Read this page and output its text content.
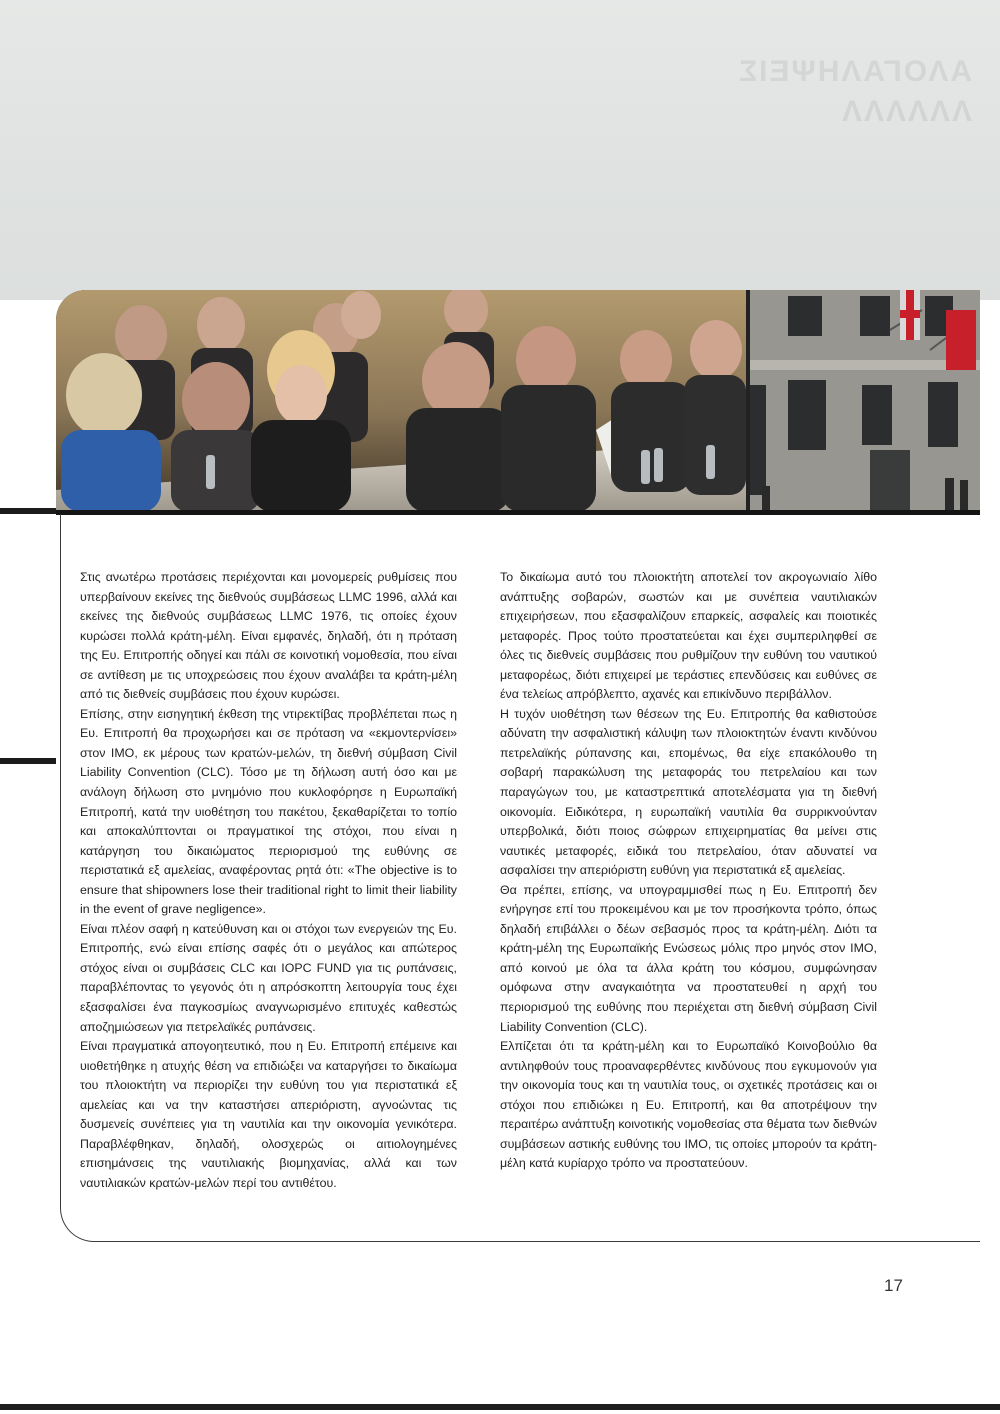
ΑΛΟΓΑΛΗΨΕΙΣ
ΛΛΛΛΛΛ

Στις ανωτέρω προτάσεις περιέχονται και μονομερείς ρυθμίσεις που υπερβαίνουν εκείνες της διεθνούς συμβάσεως LLMC 1996, αλλά και εκείνες της διεθνούς συμβάσεως LLMC 1976, τις οποίες έχουν κυρώσει πολλά κράτη-μέλη. Είναι εμφανές, δηλαδή, ότι η πρόταση της Ευ. Επιτροπής οδηγεί και πάλι σε κοινοτική νομοθεσία, που είναι σε αντίθεση με τις υποχρεώσεις που έχουν αναλάβει τα κράτη-μέλη από τις διεθνείς συμβάσεις που έχουν κυρώσει.

Επίσης, στην εισηγητική έκθεση της ντιρεκτίβας προβλέπεται πως η Ευ. Επιτροπή θα προχωρήσει και σε πρόταση να «εκμοντερνίσει» στον IMO, εκ μέρους των κρατών-μελών, τη διεθνή σύμβαση Civil Liability Convention (CLC). Τόσο με τη δήλωση αυτή όσο και με ανάλογη δήλωση στο μνημόνιο που κυκλοφόρησε η Ευρωπαϊκή Επιτροπή, κατά την υιοθέτηση του πακέτου, ξεκαθαρίζεται το τοπίο και αποκαλύπτονται οι πραγματικοί της στόχοι, που είναι η κατάργηση του δικαιώματος περιορισμού της ευθύνης σε περιστατικά εξ αμελείας, αναφέροντας ρητά ότι: «The objective is to ensure that shipowners lose their traditional right to limit their liability in the event of grave negligence».

Είναι πλέον σαφή η κατεύθυνση και οι στόχοι των ενεργειών της Ευ. Επιτροπής, ενώ είναι επίσης σαφές ότι ο μεγάλος και απώτερος στόχος είναι οι συμβάσεις CLC και IOPC FUND για τις ρυπάνσεις, παραβλέποντας το γεγονός ότι η απρόσκοπτη λειτουργία τους έχει εξασφαλίσει ένα παγκοσμίως αναγνωρισμένο επιτυχές καθεστώς αποζημιώσεων για πετρελαϊκές ρυπάνσεις.

Είναι πραγματικά απογοητευτικό, που η Ευ. Επιτροπή επέμεινε και υιοθετήθηκε η ατυχής θέση να επιδιώξει να καταργήσει το δικαίωμα του πλοιοκτήτη να περιορίζει την ευθύνη του για περιστατικά εξ αμελείας και να την καταστήσει απεριόριστη, αγνοώντας τις δυσμενείς συνέπειες για τη ναυτιλία και την οικονομία γενικότερα. Παραβλέφθηκαν, δηλαδή, ολοσχερώς οι αιτιολογημένες επισημάνσεις της ναυτιλιακής βιομηχανίας, αλλά και των ναυτιλιακών κρατών-μελών περί του αντιθέτου.

Το δικαίωμα αυτό του πλοιοκτήτη αποτελεί τον ακρογωνιαίο λίθο ανάπτυξης σοβαρών, σωστών και με συνέπεια ναυτιλιακών επιχειρήσεων, που εξασφαλίζουν επαρκείς, ασφαλείς και ποιοτικές μεταφορές. Προς τούτο προστατεύεται και έχει συμπεριληφθεί σε όλες τις διεθνείς συμβάσεις που ρυθμίζουν την ευθύνη του ναυτικού μεταφορέως, διότι επιχειρεί με τεράστιες επενδύσεις και ευθύνες σε ένα τελείως απρόβλεπτο, αχανές και επικίνδυνο περιβάλλον.

Η τυχόν υιοθέτηση των θέσεων της Ευ. Επιτροπής θα καθιστούσε αδύνατη την ασφαλιστική κάλυψη των πλοιοκτητών έναντι κινδύνου πετρελαϊκής ρύπανσης και, επομένως, θα είχε επακόλουθο τη σοβαρή παρακώλυση της μεταφοράς του πετρελαίου και των παραγώγων του, με καταστρεπτικά αποτελέσματα για τη διεθνή οικονομία. Ειδικότερα, η ευρωπαϊκή ναυτιλία θα συρρικνούνταν υπερβολικά, διότι ποιος σώφρων επιχειρηματίας θα μείνει στις ναυτικές μεταφορές, ειδικά του πετρελαίου, όταν αδυνατεί να ασφαλίσει την απεριόριστη ευθύνη για περιστατικά εξ αμελείας.

Θα πρέπει, επίσης, να υπογραμμισθεί πως η Ευ. Επιτροπή δεν ενήργησε επί του προκειμένου και με τον προσήκοντα τρόπο, όπως δηλαδή επιβάλλει ο δέων σεβασμός προς τα κράτη-μέλη. Διότι τα κράτη-μέλη της Ευρωπαϊκής Ενώσεως μόλις προ μηνός στον IMO, από κοινού με όλα τα άλλα κράτη του κόσμου, συμφώνησαν ομόφωνα στην αναγκαιότητα να προστατευθεί η αρχή του περιορισμού της ευθύνης που περιέχεται στη διεθνή σύμβαση Civil Liability Convention (CLC).

Ελπίζεται ότι τα κράτη-μέλη και το Ευρωπαϊκό Κοινοβούλιο θα αντιληφθούν τους προαναφερθέντες κινδύνους που εγκυμονούν για την οικονομία τους και τη ναυτιλία τους, οι σχετικές προτάσεις και οι στόχοι που επιδιώκει η Ευ. Επιτροπή, και θα αποτρέψουν την περαιτέρω ανάπτυξη κοινοτικής νομοθεσίας στα θέματα των διεθνών συμβάσεων αστικής ευθύνης του IMO, τις οποίες μπορούν τα κράτη-μέλη κατά κυρίαρχο τρόπο να προστατεύουν.

17
